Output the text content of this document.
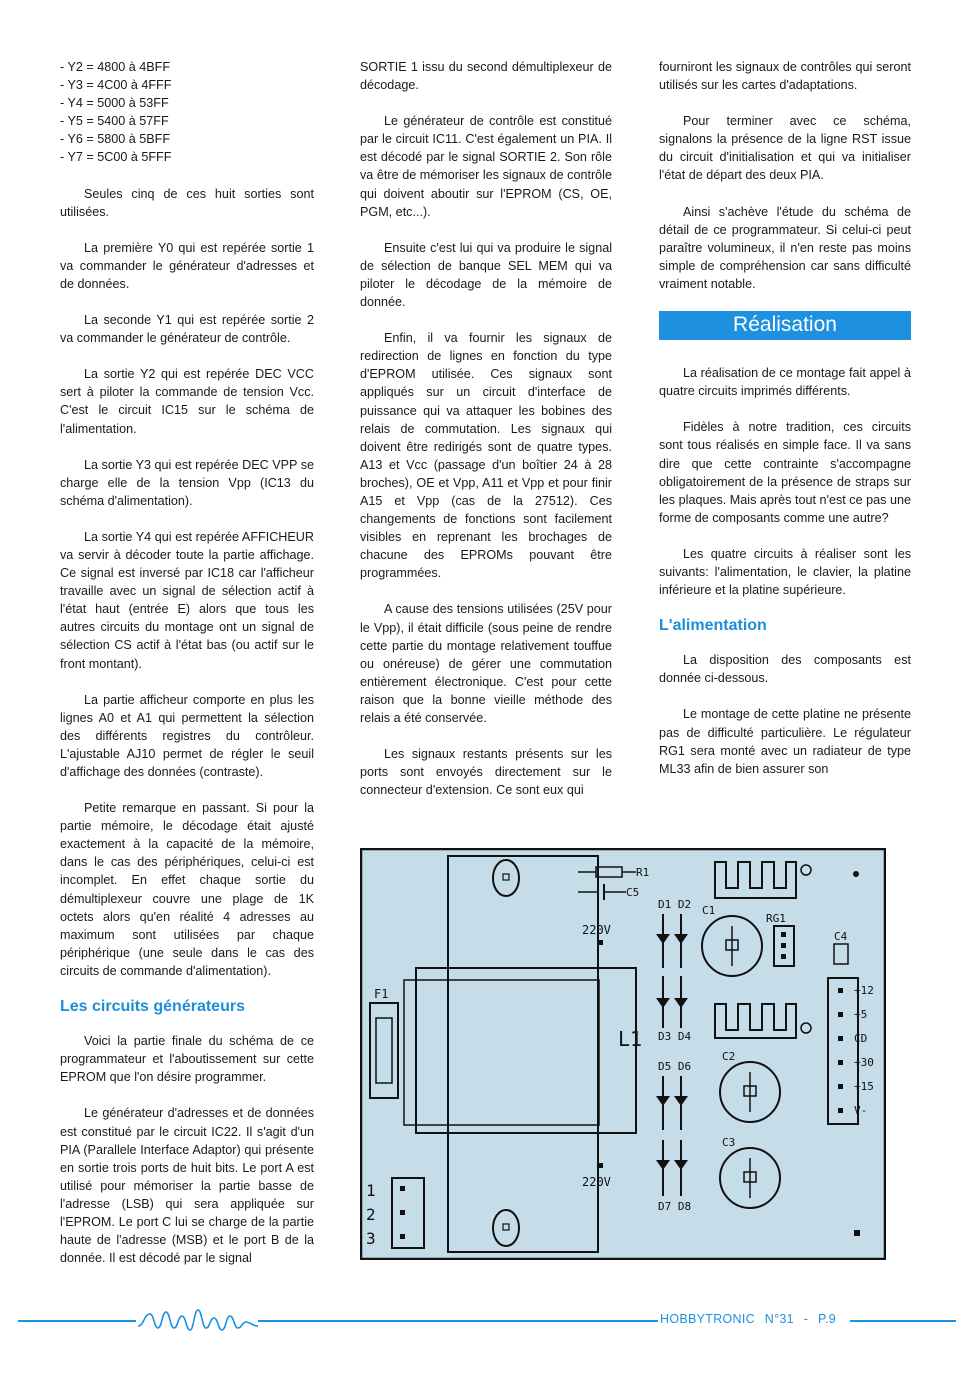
- Y2 = 4800 à 4BFF
- Y3 = 4C00 à 4FFF
- Y4 = 5000 à 53FF
- Y5 = 5400 à 57FF
- Y6 = 5800 à 5BFF
- Y7 = 5C00 à 5FFF

Seules cinq de ces huit sorties sont utilisées.

La première Y0 qui est repérée sortie 1 va commander le générateur d'adresses et de données.

La seconde Y1 qui est repérée sortie 2 va commander le générateur de contrôle.

La sortie Y2 qui est repérée DEC VCC sert à piloter la commande de tension Vcc. C'est le circuit IC15 sur le schéma de l'alimentation.

La sortie Y3 qui est repérée DEC VPP se charge elle de la tension Vpp (IC13 du schéma d'alimentation).

La sortie Y4 qui est repérée AFFICHEUR va servir à décoder toute la partie affichage. Ce signal est inversé par IC18 car l'afficheur travaille avec un signal de sélection actif à l'état haut (entrée E) alors que tous les autres circuits du montage ont un signal de sélection CS actif à l'état bas (ou actif sur le front montant).

La partie afficheur comporte en plus les lignes A0 et A1 qui permettent la sélection des différents registres du contrôleur. L'ajustable AJ10 permet de régler le seuil d'affichage des données (contraste).

Petite remarque en passant. Si pour la partie mémoire, le décodage était ajusté exactement à la capacité de la mémoire, dans le cas des périphériques, celui-ci est incomplet. En effet chaque sortie du démultiplexeur couvre une plage de 1K octets alors qu'en réalité 4 adresses au maximum sont utilisées par chaque périphérique (une seule dans le cas des circuits de commande d'alimentation).

Les circuits générateurs

Voici la partie finale du schéma de ce programmateur et l'aboutissement sur cette EPROM que l'on désire programmer.

Le générateur d'adresses et de données est constitué par le circuit IC22. Il s'agit d'un PIA (Parallele Interface Adaptor) qui présente en sortie trois ports de huit bits. Le port A est utilisé pour mémoriser la partie basse de l'adresse (LSB) qui sera appliquée sur l'EPROM. Le port C lui se charge de la partie haute de l'adresse (MSB) et le port B de la donnée. Il est décodé par le signal

SORTIE 1 issu du second démultiplexeur de décodage.

Le générateur de contrôle est constitué par le circuit IC11. C'est également un PIA. Il est décodé par le signal SORTIE 2. Son rôle va être de mémoriser les signaux de contrôle qui doivent aboutir sur l'EPROM (CS, OE, PGM, etc...).

Ensuite c'est lui qui va produire le signal de sélection de banque SEL MEM qui va piloter le décodage de la mémoire de donnée.

Enfin, il va fournir les signaux de redirection de lignes en fonction du type d'EPROM utilisée. Ces signaux sont appliqués sur un circuit d'interface de puissance qui va attaquer les bobines des relais de commutation. Les signaux qui doivent être redirigés sont de quatre types. A13 et Vcc (passage d'un boîtier 24 à 28 broches), OE et Vpp, A11 et Vpp et pour finir A15 et Vpp (cas de la 27512). Ces changements de fonctions sont facilement visibles en reprenant les brochages de chacune des EPROMs pouvant être programmées.

A cause des tensions utilisées (25V pour le Vpp), il était difficile (sous peine de rendre cette partie du montage relativement touffue ou onéreuse) de gérer une commutation entièrement électronique. C'est pour cette raison que la bonne vieille méthode des relais a été conservée.

Les signaux restants présents sur les ports sont envoyés directement sur le connecteur d'extension. Ce sont eux qui

fourniront les signaux de contrôles qui seront utilisés sur les cartes d'adaptations.

Pour terminer avec ce schéma, signalons la présence de la ligne RST issue du circuit d'initialisation et qui va initialiser l'état de départ des deux PIA.

Ainsi s'achève l'étude du schéma de détail de ce programmateur. Si celui-ci peut paraître volumineux, il n'en reste pas moins simple de compréhension car sans difficulté vraiment notable.

Réalisation

La réalisation de ce montage fait appel à quatre circuits imprimés différents.

Fidèles à notre tradition, ces circuits sont tous réalisés en simple face. Il va sans dire que cette contrainte s'accompagne obligatoirement de la présence de straps sur les plaques. Mais après tout n'est ce pas une forme de composants comme une autre?

Les quatre circuits à réaliser sont les suivants: l'alimentation, le clavier, la platine inférieure et la platine supérieure.

L'alimentation

La disposition des composants est donnée ci-dessous.

Le montage de cette platine ne présente pas de difficulté particulière. Le régulateur RG1 sera monté avec un radiateur de type ML33 afin de bien assurer son

F1
L1
R1
C5
220V
D1 D2
D3 D4
D5 D6
D7 D8
220V
C1
C2
C3
RG1
C4
+12
+5
CD
+30
+15
V-
1
2
3
HOBBYTRONIC N°31 - P.9
